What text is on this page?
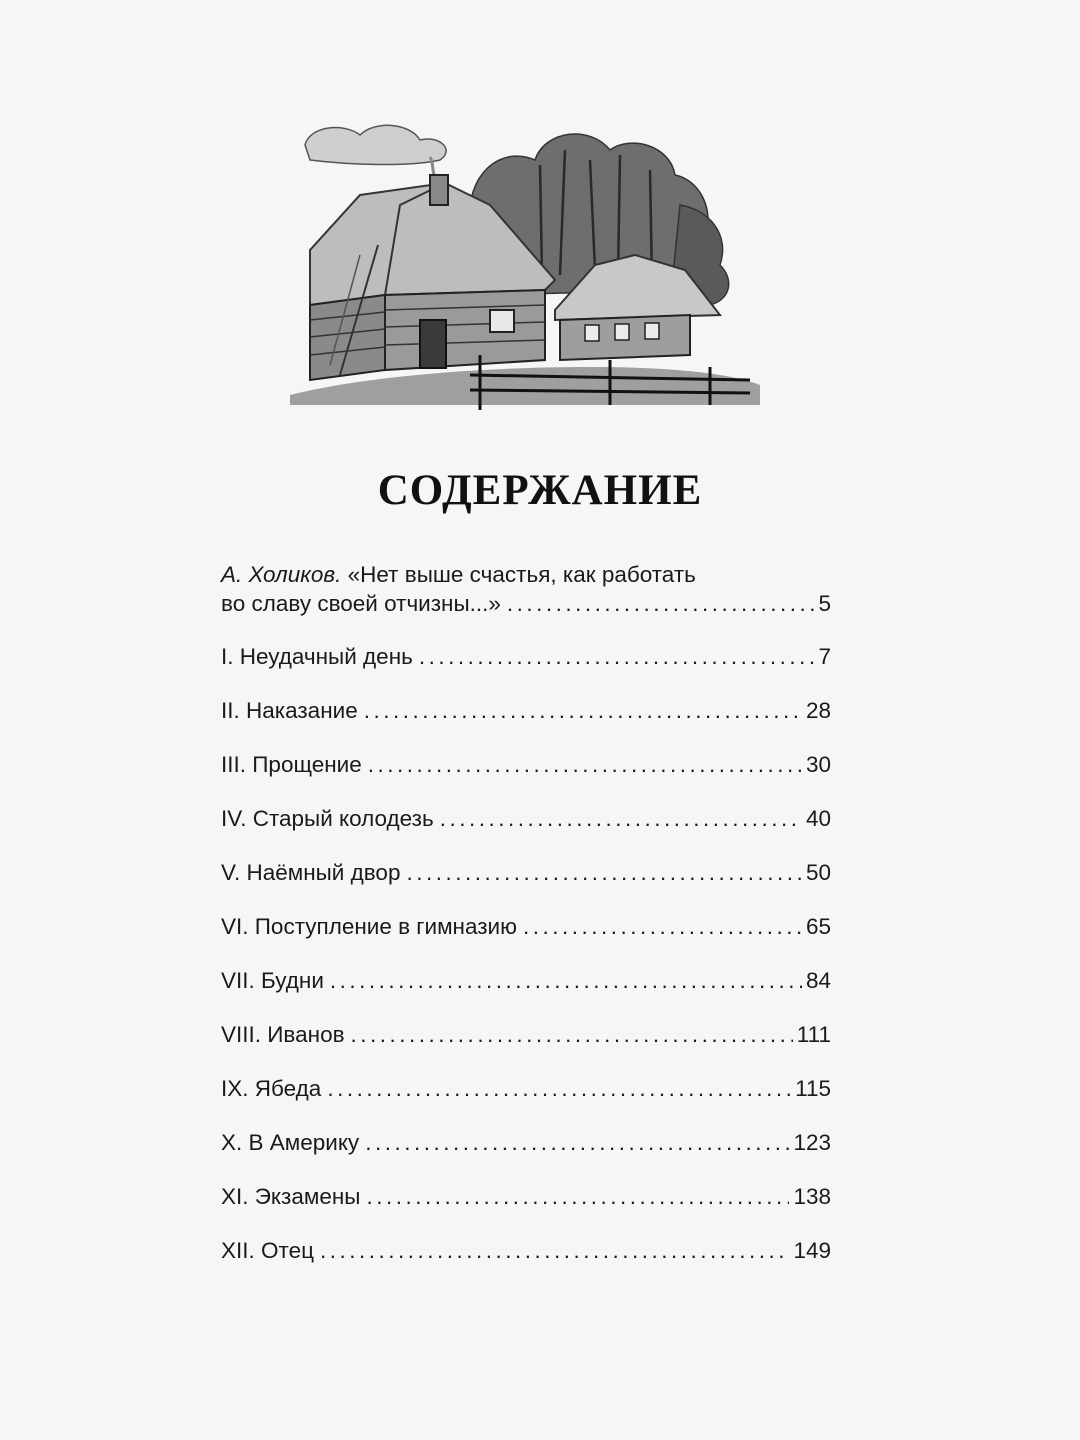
СОДЕРЖАНИЕ
А. Холиков. «Нет выше счастья, как работать
во славу своей отчизны...» .....	5
I. Неудачный день .....	7
II. Наказание .....	28
III. Прощение .....	30
IV. Старый колодезь .....	40
V. Наёмный двор .....	50
VI. Поступление в гимназию .....	65
VII. Будни .....	84
VIII. Иванов .....	111
IX. Ябеда .....	115
X. В Америку .....	123
XI. Экзамены .....	138
XII. Отец .....	149
